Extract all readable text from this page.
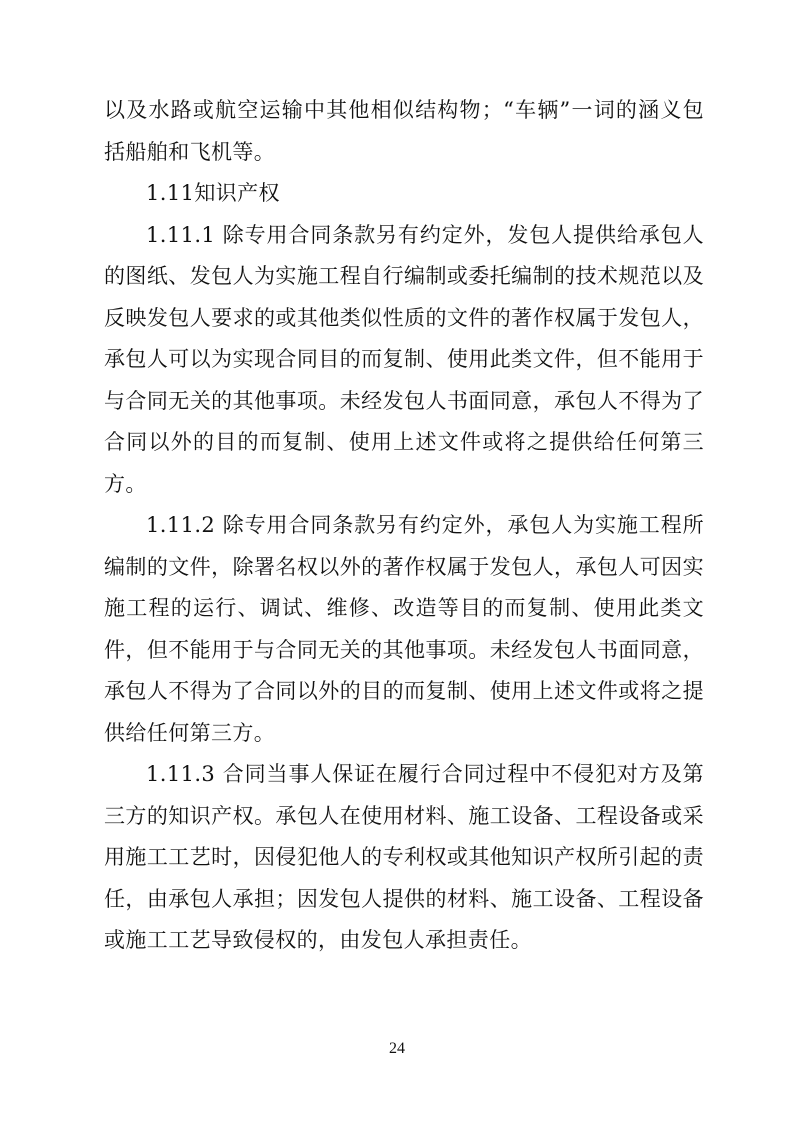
以及水路或航空运输中其他相似结构物；“车辆”一词的涵义包括船舶和飞机等。

1.11知识产权

1.11.1 除专用合同条款另有约定外，发包人提供给承包人的图纸、发包人为实施工程自行编制或委托编制的技术规范以及反映发包人要求的或其他类似性质的文件的著作权属于发包人，承包人可以为实现合同目的而复制、使用此类文件，但不能用于与合同无关的其他事项。未经发包人书面同意，承包人不得为了合同以外的目的而复制、使用上述文件或将之提供给任何第三方。

1.11.2 除专用合同条款另有约定外，承包人为实施工程所编制的文件，除署名权以外的著作权属于发包人，承包人可因实施工程的运行、调试、维修、改造等目的而复制、使用此类文件，但不能用于与合同无关的其他事项。未经发包人书面同意，承包人不得为了合同以外的目的而复制、使用上述文件或将之提供给任何第三方。

1.11.3 合同当事人保证在履行合同过程中不侵犯对方及第三方的知识产权。承包人在使用材料、施工设备、工程设备或采用施工工艺时，因侵犯他人的专利权或其他知识产权所引起的责任，由承包人承担；因发包人提供的材料、施工设备、工程设备或施工工艺导致侵权的，由发包人承担责任。

24
